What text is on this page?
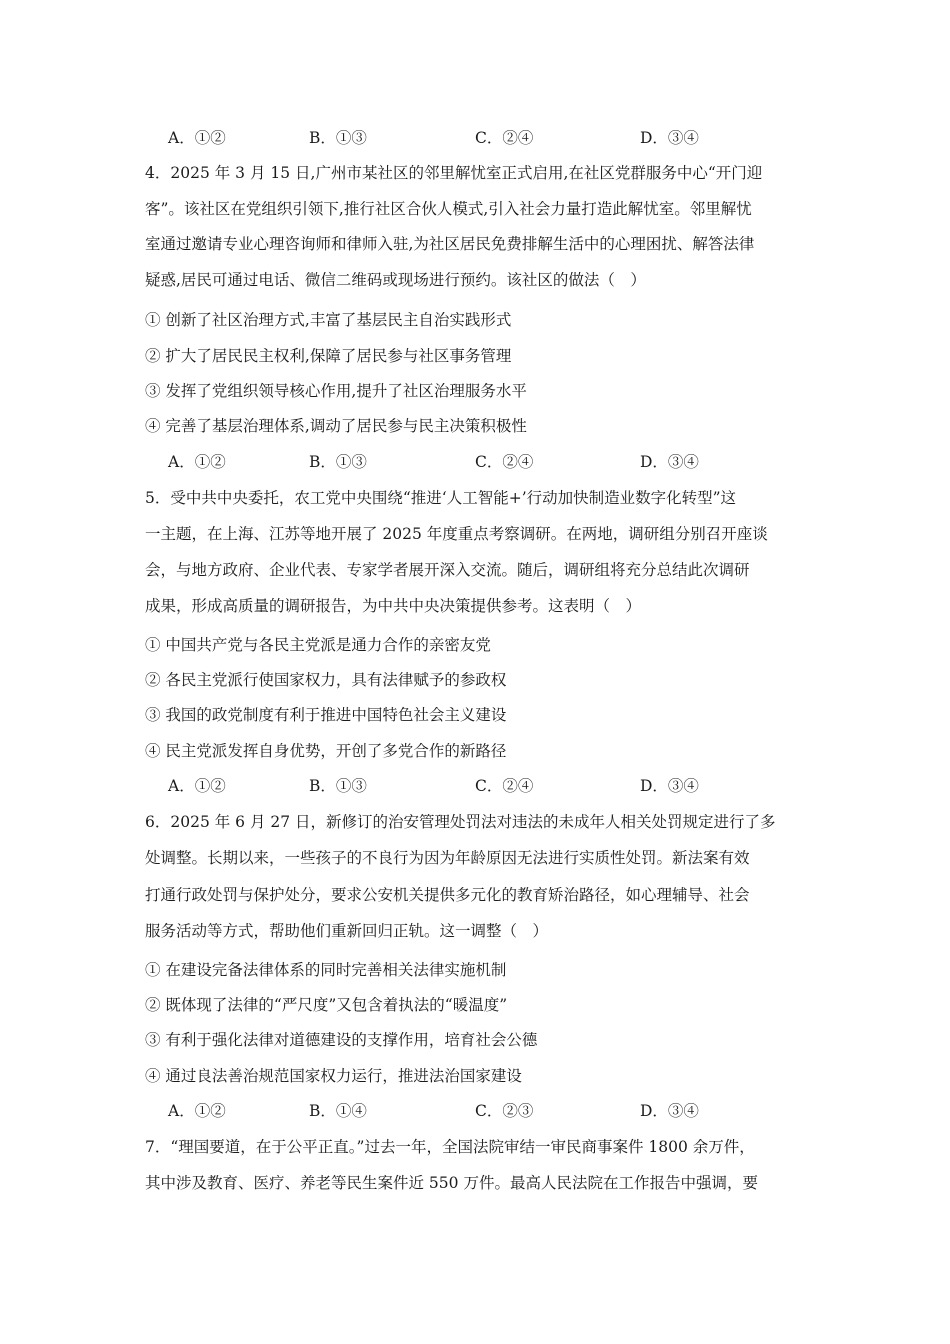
A．①②	B．①③	C．②④	D．③④
4．2025 年 3 月 15 日,广州市某社区的邻里解忧室正式启用,在社区党群服务中心“开门迎
客”。该社区在党组织引领下,推行社区合伙人模式,引入社会力量打造此解忧室。邻里解忧
室通过邀请专业心理咨询师和律师入驻,为社区居民免费排解生活中的心理困扰、解答法律
疑惑,居民可通过电话、微信二维码或现场进行预约。该社区的做法（　）
① 创新了社区治理方式,丰富了基层民主自治实践形式
② 扩大了居民民主权利,保障了居民参与社区事务管理
③ 发挥了党组织领导核心作用,提升了社区治理服务水平
④ 完善了基层治理体系,调动了居民参与民主决策积极性
A．①②	B．①③	C．②④	D．③④
5．受中共中央委托，农工党中央围绕“推进‘人工智能+’行动加快制造业数字化转型”这
一主题，在上海、江苏等地开展了 2025 年度重点考察调研。在两地，调研组分别召开座谈
会，与地方政府、企业代表、专家学者展开深入交流。随后，调研组将充分总结此次调研
成果，形成高质量的调研报告，为中共中央决策提供参考。这表明（　）
① 中国共产党与各民主党派是通力合作的亲密友党
② 各民主党派行使国家权力，具有法律赋予的参政权
③ 我国的政党制度有利于推进中国特色社会主义建设
④ 民主党派发挥自身优势，开创了多党合作的新路径
A．①②	B．①③	C．②④	D．③④
6．2025 年 6 月 27 日，新修订的治安管理处罚法对违法的未成年人相关处罚规定进行了多
处调整。长期以来，一些孩子的不良行为因为年龄原因无法进行实质性处罚。新法案有效
打通行政处罚与保护处分，要求公安机关提供多元化的教育矫治路径，如心理辅导、社会
服务活动等方式，帮助他们重新回归正轨。这一调整（　）
① 在建设完备法律体系的同时完善相关法律实施机制
② 既体现了法律的“严尺度”又包含着执法的“暖温度”
③ 有利于强化法律对道德建设的支撑作用，培育社会公德
④ 通过良法善治规范国家权力运行，推进法治国家建设
A．①②	B．①④	C．②③	D．③④
7．“理国要道，在于公平正直。”过去一年，全国法院审结一审民商事案件 1800 余万件，
其中涉及教育、医疗、养老等民生案件近 550 万件。最高人民法院在工作报告中强调，要
